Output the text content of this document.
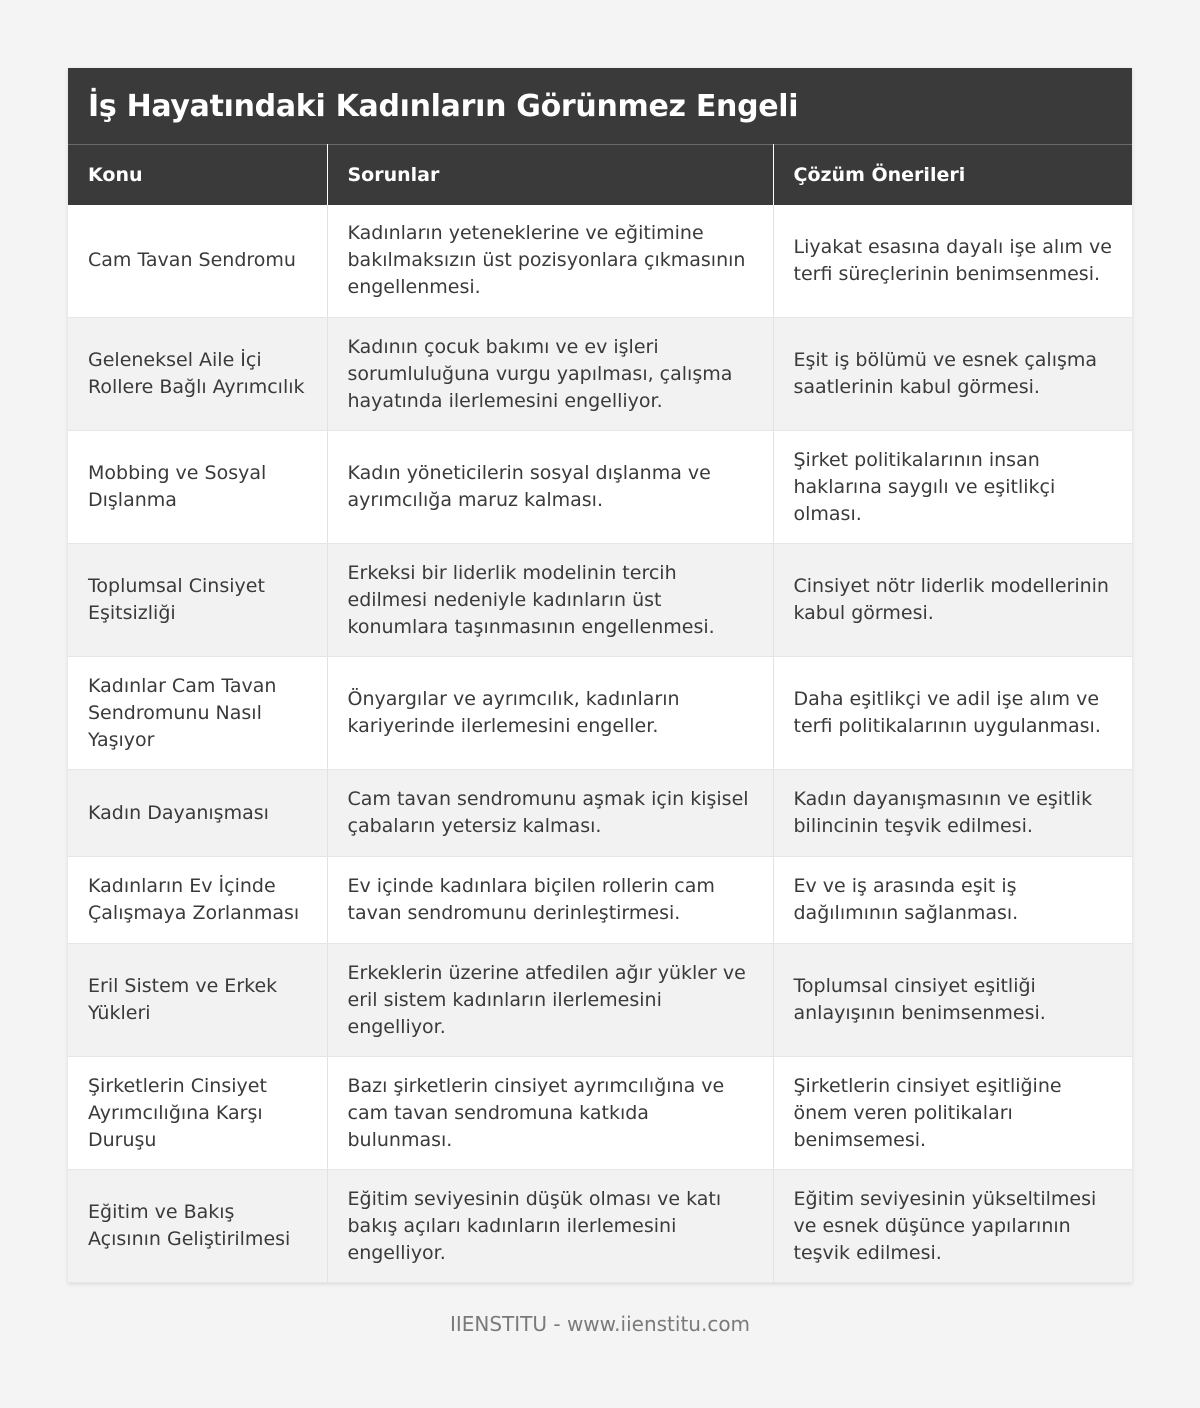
İş Hayatındaki Kadınların Görünmez Engeli
Konu	Sorunlar	Çözüm Önerileri
Cam Tavan Sendromu	Kadınların yeteneklerine ve eğitimine bakılmaksızın üst pozisyonlara çıkmasının engellenmesi.	Liyakat esasına dayalı işe alım ve terfi süreçlerinin benimsenmesi.
Geleneksel Aile İçi Rollere Bağlı Ayrımcılık	Kadının çocuk bakımı ve ev işleri sorumluluğuna vurgu yapılması, çalışma hayatında ilerlemesini engelliyor.	Eşit iş bölümü ve esnek çalışma saatlerinin kabul görmesi.
Mobbing ve Sosyal Dışlanma	Kadın yöneticilerin sosyal dışlanma ve ayrımcılığa maruz kalması.	Şirket politikalarının insan haklarına saygılı ve eşitlikçi olması.
Toplumsal Cinsiyet Eşitsizliği	Erkeksi bir liderlik modelinin tercih edilmesi nedeniyle kadınların üst konumlara taşınmasının engellenmesi.	Cinsiyet nötr liderlik modellerinin kabul görmesi.
Kadınlar Cam Tavan Sendromunu Nasıl Yaşıyor	Önyargılar ve ayrımcılık, kadınların kariyerinde ilerlemesini engeller.	Daha eşitlikçi ve adil işe alım ve terfi politikalarının uygulanması.
Kadın Dayanışması	Cam tavan sendromunu aşmak için kişisel çabaların yetersiz kalması.	Kadın dayanışmasının ve eşitlik bilincinin teşvik edilmesi.
Kadınların Ev İçinde Çalışmaya Zorlanması	Ev içinde kadınlara biçilen rollerin cam tavan sendromunu derinleştirmesi.	Ev ve iş arasında eşit iş dağılımının sağlanması.
Eril Sistem ve Erkek Yükleri	Erkeklerin üzerine atfedilen ağır yükler ve eril sistem kadınların ilerlemesini engelliyor.	Toplumsal cinsiyet eşitliği anlayışının benimsenmesi.
Şirketlerin Cinsiyet Ayrımcılığına Karşı Duruşu	Bazı şirketlerin cinsiyet ayrımcılığına ve cam tavan sendromuna katkıda bulunması.	Şirketlerin cinsiyet eşitliğine önem veren politikaları benimsemesi.
Eğitim ve Bakış Açısının Geliştirilmesi	Eğitim seviyesinin düşük olması ve katı bakış açıları kadınların ilerlemesini engelliyor.	Eğitim seviyesinin yükseltilmesi ve esnek düşünce yapılarının teşvik edilmesi.
IIENSTITU - www.iienstitu.com
